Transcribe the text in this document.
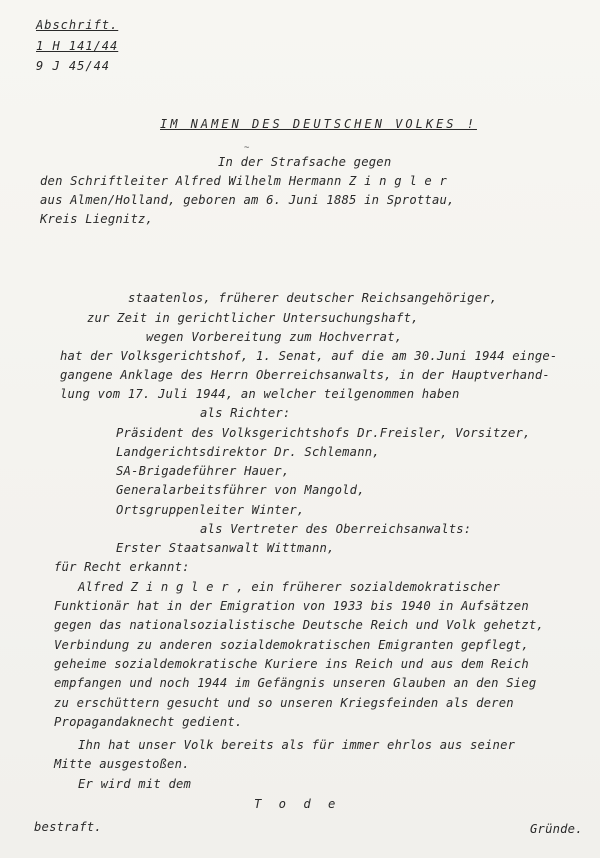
Abschrift.
1 H 141/44
9 J 45/44
IM NAMEN DES DEUTSCHEN VOLKES !
~
In der Strafsache gegen
den Schriftleiter Alfred Wilhelm Hermann Z i n g l e r
aus Almen/Holland, geboren am 6. Juni 1885 in Sprottau,
Kreis Liegnitz,
staatenlos, früherer deutscher Reichsangehöriger,
zur Zeit in gerichtlicher Untersuchungshaft,
wegen Vorbereitung zum Hochverrat,
hat der Volksgerichtshof, 1. Senat, auf die am 30.Juni 1944 einge-
gangene Anklage des Herrn Oberreichsanwalts, in der Hauptverhand-
lung vom 17. Juli 1944, an welcher teilgenommen haben
als Richter:
Präsident des Volksgerichtshofs Dr.Freisler, Vorsitzer,
Landgerichtsdirektor Dr. Schlemann,
SA-Brigadeführer Hauer,
Generalarbeitsführer von Mangold,
Ortsgruppenleiter Winter,
als Vertreter des Oberreichsanwalts:
Erster Staatsanwalt Wittmann,
für Recht erkannt:
Alfred Z i n g l e r , ein früherer sozialdemokratischer
Funktionär hat in der Emigration von 1933 bis 1940 in Aufsätzen
gegen das nationalsozialistische Deutsche Reich und Volk gehetzt,
Verbindung zu anderen sozialdemokratischen Emigranten gepflegt,
geheime sozialdemokratische Kuriere ins Reich und aus dem Reich
empfangen und noch 1944 im Gefängnis unseren Glauben an den Sieg
zu erschüttern gesucht und so unseren Kriegsfeinden als deren
Propagandaknecht gedient.
Ihn hat unser Volk bereits als für immer ehrlos aus seiner
Mitte ausgestoßen.
Er wird mit dem
T o d e
bestraft.	Gründe.
